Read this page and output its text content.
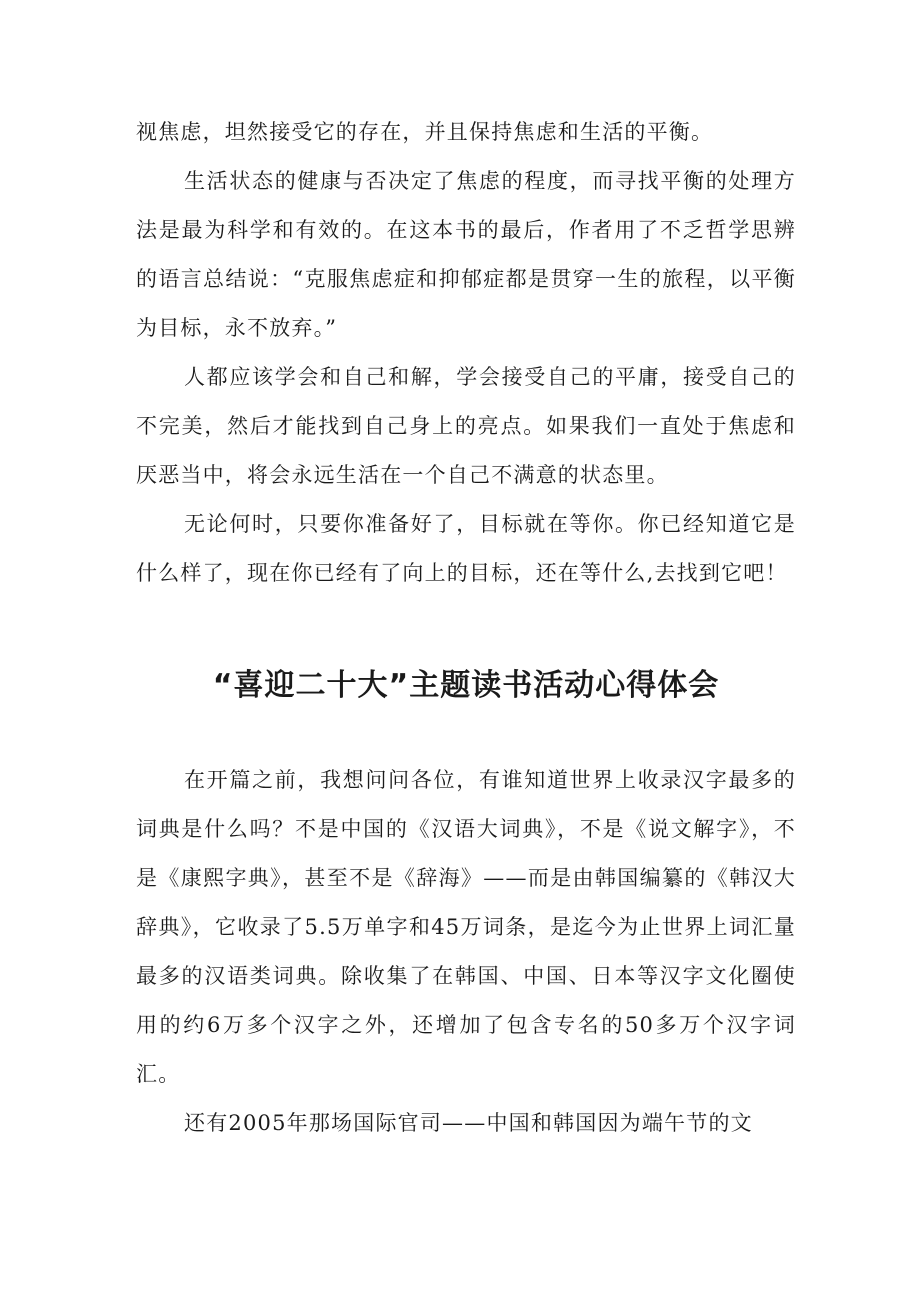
视焦虑，坦然接受它的存在，并且保持焦虑和生活的平衡。

生活状态的健康与否决定了焦虑的程度，而寻找平衡的处理方法是最为科学和有效的。在这本书的最后，作者用了不乏哲学思辨的语言总结说：“克服焦虑症和抑郁症都是贯穿一生的旅程，以平衡为目标，永不放弃。”

人都应该学会和自己和解，学会接受自己的平庸，接受自己的不完美，然后才能找到自己身上的亮点。如果我们一直处于焦虑和厌恶当中，将会永远生活在一个自己不满意的状态里。

无论何时，只要你准备好了，目标就在等你。你已经知道它是什么样了，现在你已经有了向上的目标，还在等什么,去找到它吧！

“喜迎二十大”主题读书活动心得体会

在开篇之前，我想问问各位，有谁知道世界上收录汉字最多的词典是什么吗？不是中国的《汉语大词典》，不是《说文解字》，不是《康熙字典》，甚至不是《辞海》——而是由韩国编纂的《韩汉大辞典》，它收录了5.5万单字和45万词条，是迄今为止世界上词汇量最多的汉语类词典。除收集了在韩国、中国、日本等汉字文化圈使用的约6万多个汉字之外，还增加了包含专名的50多万个汉字词汇。

还有2005年那场国际官司——中国和韩国因为端午节的文
